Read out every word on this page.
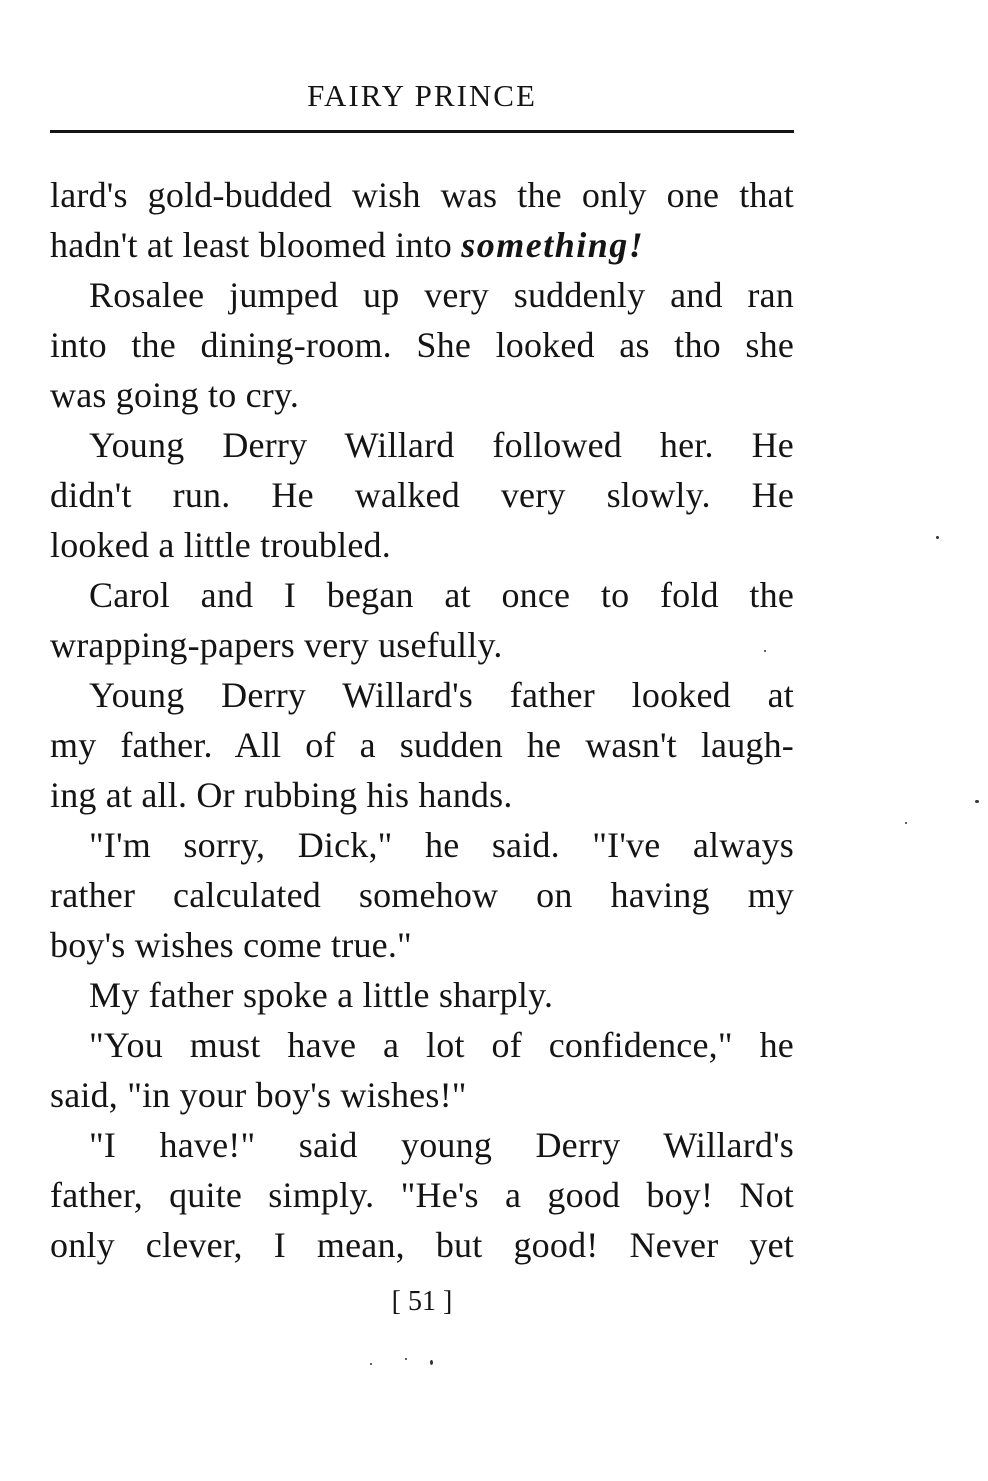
FAIRY PRINCE
lard's gold-budded wish was the only one that
hadn't at least bloomed into something!
Rosalee jumped up very suddenly and ran
into the dining-room. She looked as tho she
was going to cry.
Young Derry Willard followed her. He
didn't run. He walked very slowly. He
looked a little troubled.
Carol and I began at once to fold the
wrapping-papers very usefully.
Young Derry Willard's father looked at
my father. All of a sudden he wasn't laugh-
ing at all. Or rubbing his hands.
"I'm sorry, Dick," he said. "I've always
rather calculated somehow on having my
boy's wishes come true."
My father spoke a little sharply.
"You must have a lot of confidence," he
said, "in your boy's wishes!"
"I have!" said young Derry Willard's
father, quite simply. "He's a good boy! Not
only clever, I mean, but good! Never yet
[ 51 ]
